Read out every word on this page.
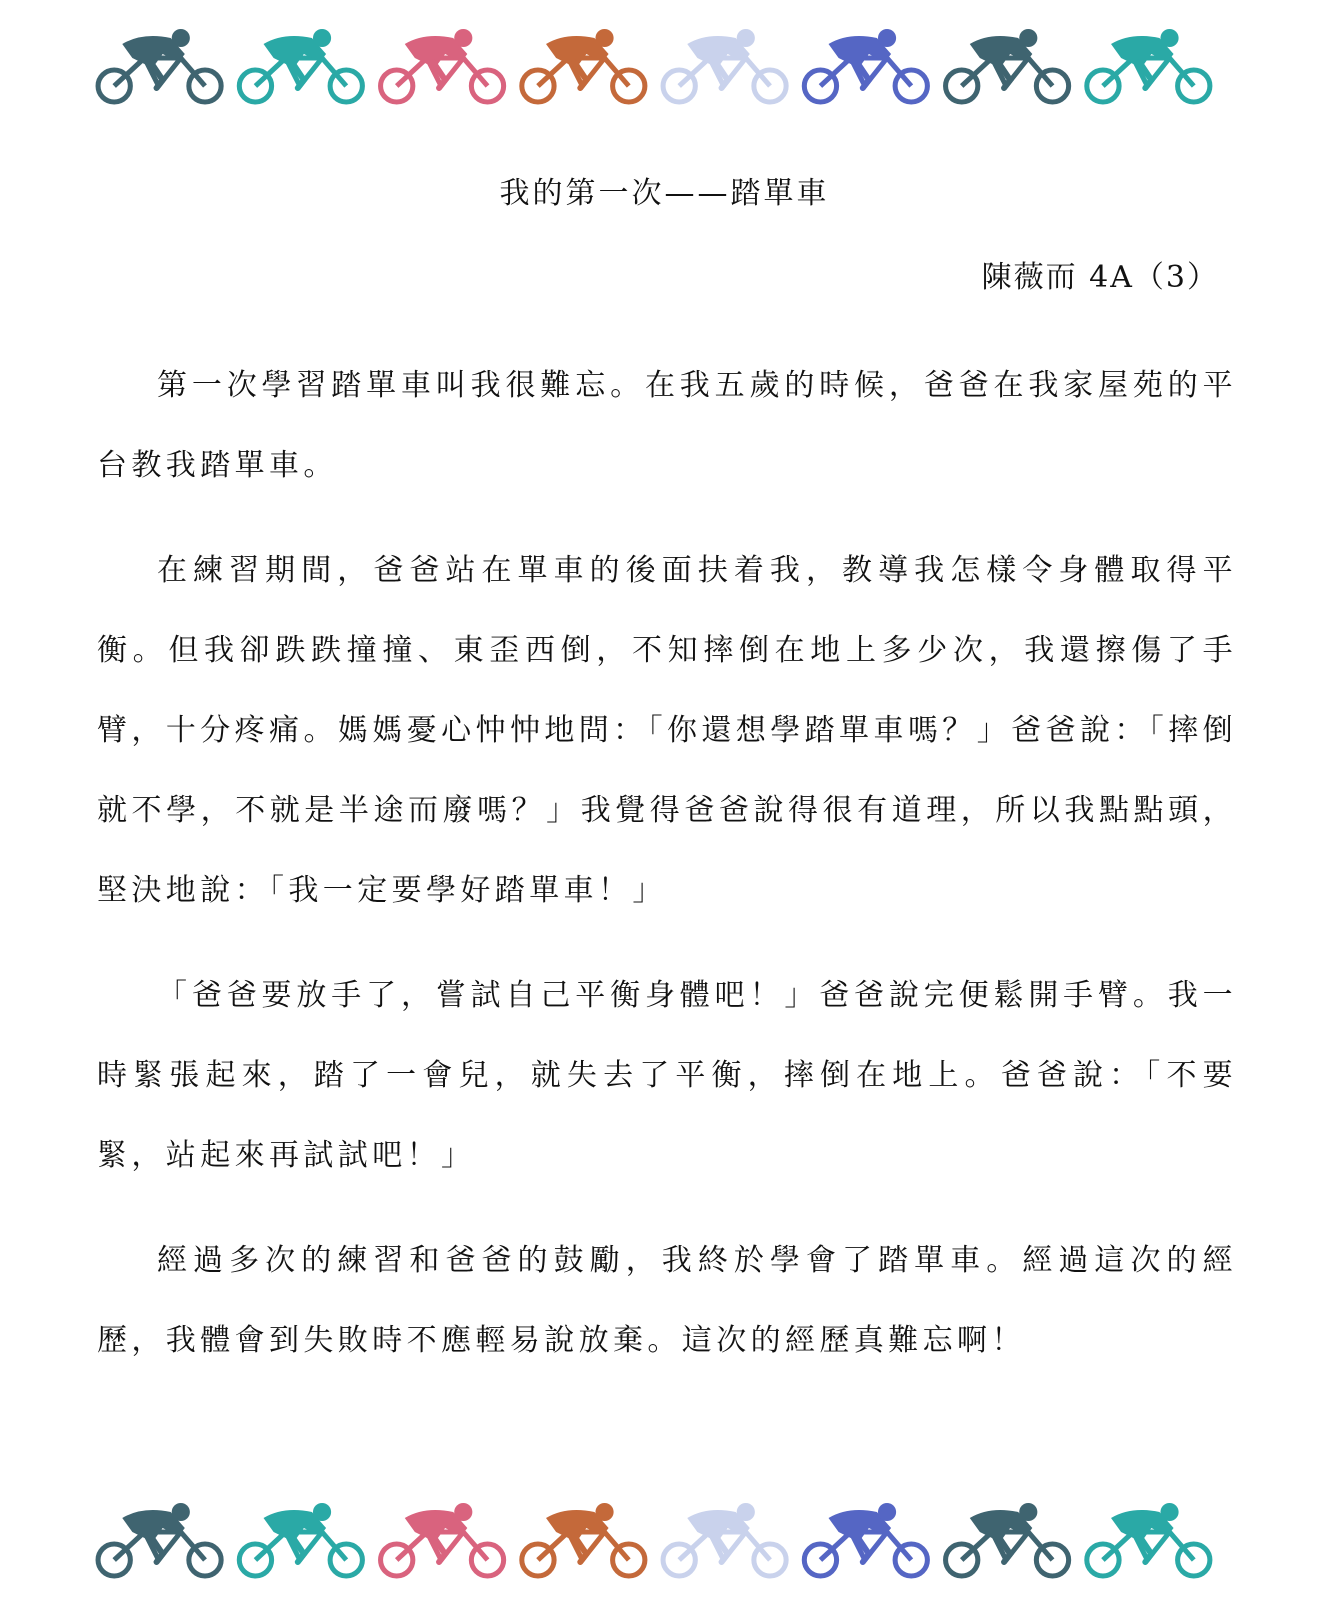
我的第一次——踏單車
陳薇而 4A（3）

第一次學習踏單車叫我很難忘。在我五歲的時候，爸爸在我家屋苑的平台教我踏單車。

在練習期間，爸爸站在單車的後面扶着我，教導我怎樣令身體取得平衡。但我卻跌跌撞撞、東歪西倒，不知摔倒在地上多少次，我還擦傷了手臂，十分疼痛。媽媽憂心忡忡地問：「你還想學踏單車嗎？」爸爸說：「摔倒就不學，不就是半途而廢嗎？」我覺得爸爸說得很有道理，所以我點點頭，堅決地說：「我一定要學好踏單車！」

「爸爸要放手了，嘗試自己平衡身體吧！」爸爸說完便鬆開手臂。我一時緊張起來，踏了一會兒，就失去了平衡，摔倒在地上。爸爸說：「不要緊，站起來再試試吧！」

經過多次的練習和爸爸的鼓勵，我終於學會了踏單車。經過這次的經歷，我體會到失敗時不應輕易說放棄。這次的經歷真難忘啊！
